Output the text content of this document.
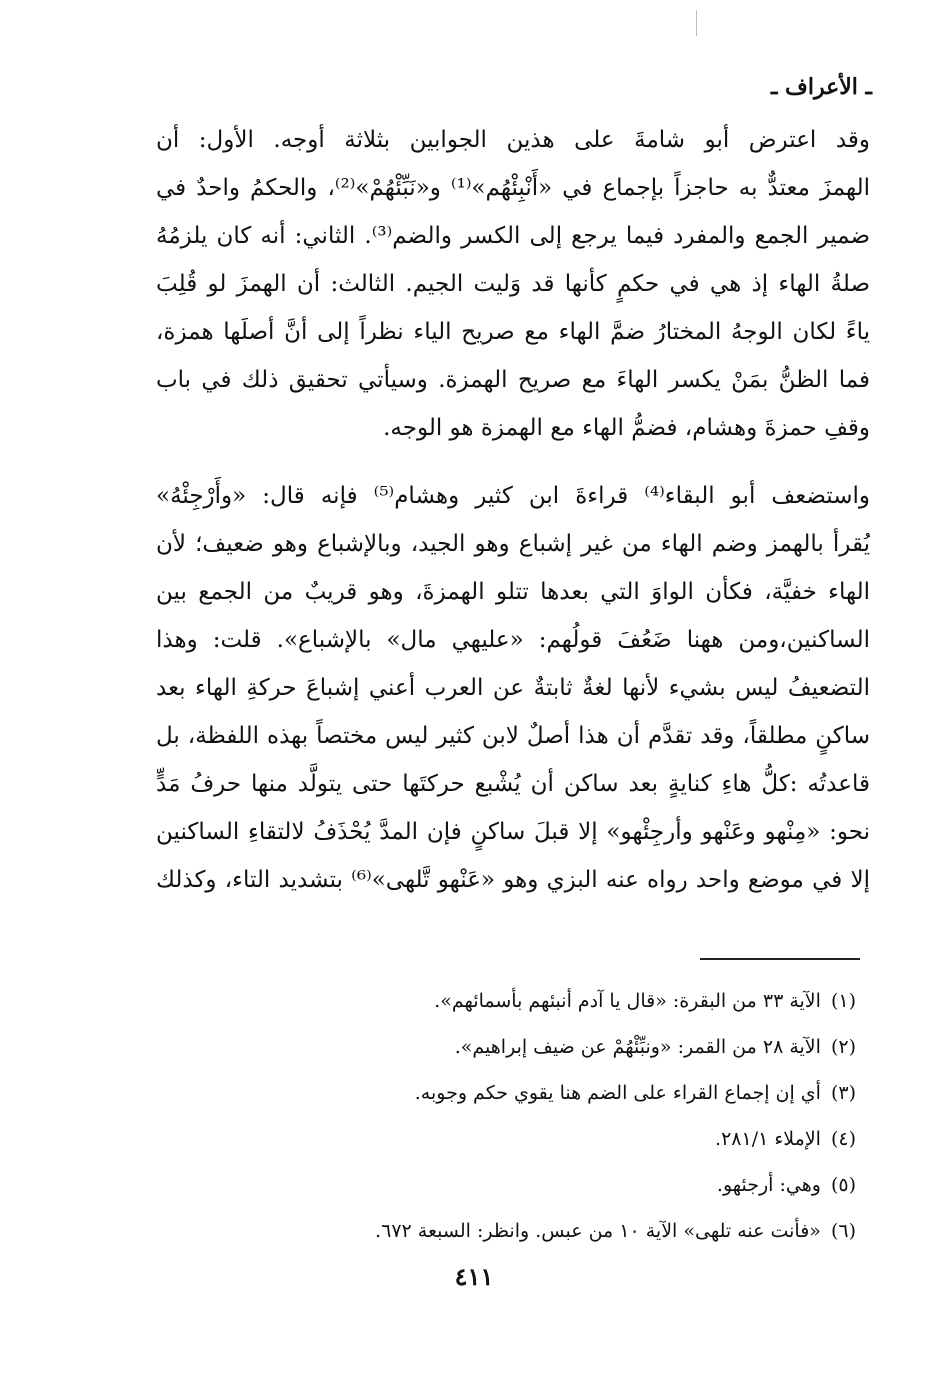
ـ الأعراف ـ
وقد اعترض أبو شامةَ على هذين الجوابين بثلاثة أوجه. الأول: أن
الهمزَ معتدٌّ به حاجزاً بإجماع في «أَنْبِئْهُم»⁽¹⁾ و«نَبِّئْهُمْ»⁽²⁾، والحكمُ واحدٌ في
ضمير الجمع والمفرد فيما يرجع إلى الكسر والضم⁽³⁾. الثاني: أنه كان يلزمُهُ
صلةُ الهاء إذ هي في حكمٍ كأنها قد وَليت الجيم. الثالث: أن الهمزَ لو قُلِبَ
ياءً لكان الوجهُ المختارُ ضمَّ الهاء مع صريح الياء نظراً إلى أنَّ أصلَها همزة،
فما الظنُّ بمَنْ يكسر الهاءَ مع صريح الهمزة. وسيأتي تحقيق ذلك في باب
وقفِ حمزةَ وهشام، فضمُّ الهاء مع الهمزة هو الوجه.
واستضعف أبو البقاء⁽⁴⁾ قراءةَ ابن كثير وهشام⁽⁵⁾ فإنه قال: «وأَرْجِئْهُ»
يُقرأ بالهمز وضم الهاء من غير إشباع وهو الجيد، وبالإشباع وهو ضعيف؛ لأن
الهاء خفيَّة، فكأن الواوَ التي بعدها تتلو الهمزةَ، وهو قريبٌ من الجمع بين
الساكنين،ومن ههنا ضَعُفَ قولُهم: «عليهي مال» بالإشباع». قلت: وهذا
التضعيفُ ليس بشيء لأنها لغةٌ ثابتةٌ عن العرب أعني إشباعَ حركةِ الهاء بعد
ساكنٍ مطلقاً، وقد تقدَّم أن هذا أصلٌ لابن كثير ليس مختصاً بهذه اللفظة، بل
قاعدتُه :كلُّ هاءِ كنايةٍ بعد ساكن أن يُشْبع حركتَها حتى يتولَّد منها حرفُ مَدٍّ
نحو: «مِنْهو وعَنْهو وأرجِئْهو» إلا قبلَ ساكنٍ فإن المدَّ يُحْذَفُ لالتقاءِ الساكنين
إلا في موضع واحد رواه عنه البزي وهو «عَنْهو تَّلهى»⁽⁶⁾ بتشديد التاء، وكذلك
(١)الآية ٣٣ من البقرة: «قال يا آدم أنبئهم بأسمائهم».
(٢)الآية ٢٨ من القمر: «ونبِّئْهُمْ عن ضيف إبراهيم».
(٣)أي إن إجماع القراء على الضم هنا يقوي حكم وجوبه.
(٤)الإملاء ٢٨١/١.
(٥)وهي: أرجئهو.
(٦)«فأنت عنه تلهى» الآية ١٠ من عبس. وانظر: السبعة ٦٧٢.
٤١١
